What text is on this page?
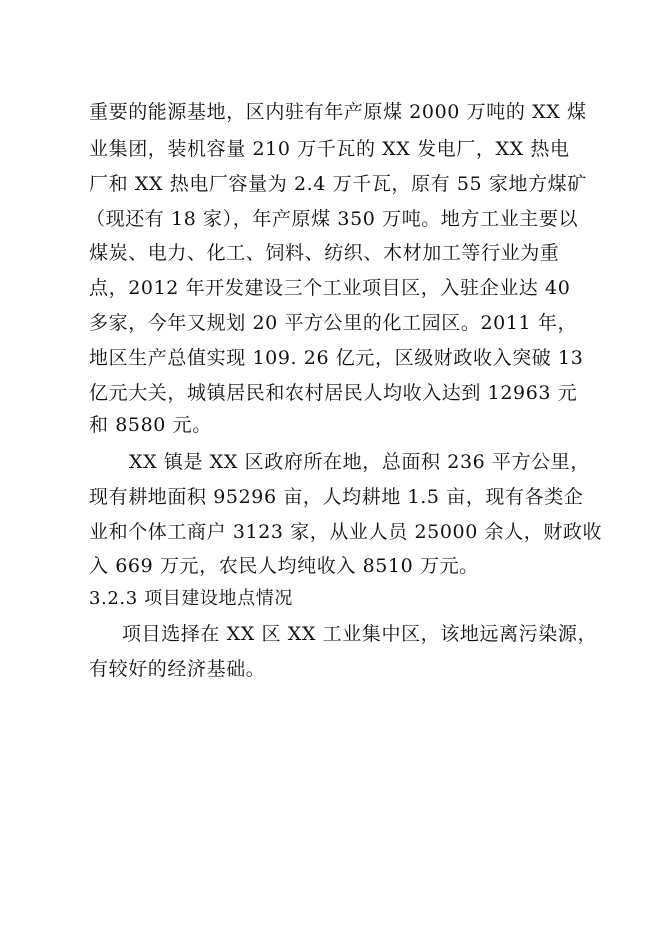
重要的能源基地，区内驻有年产原煤 2000 万吨的 XX 煤
业集团，装机容量 210 万千瓦的 XX 发电厂，XX 热电
厂和 XX 热电厂容量为 2.4 万千瓦，原有 55 家地方煤矿
（现还有 18 家），年产原煤 350 万吨。地方工业主要以
煤炭、电力、化工、饲料、纺织、木材加工等行业为重
点，2012 年开发建设三个工业项目区，入驻企业达 40
多家，今年又规划 20 平方公里的化工园区。2011 年，
地区生产总值实现 109. 26 亿元，区级财政收入突破 13
亿元大关，城镇居民和农村居民人均收入达到 12963 元
和 8580 元。
XX 镇是 XX 区政府所在地，总面积 236 平方公里，
现有耕地面积 95296 亩，人均耕地 1.5 亩，现有各类企
业和个体工商户 3123 家，从业人员 25000 余人，财政收
入 669 万元，农民人均纯收入 8510 万元。
3.2.3 项目建设地点情况
项目选择在 XX 区 XX 工业集中区，该地远离污染源，
有较好的经济基础。
